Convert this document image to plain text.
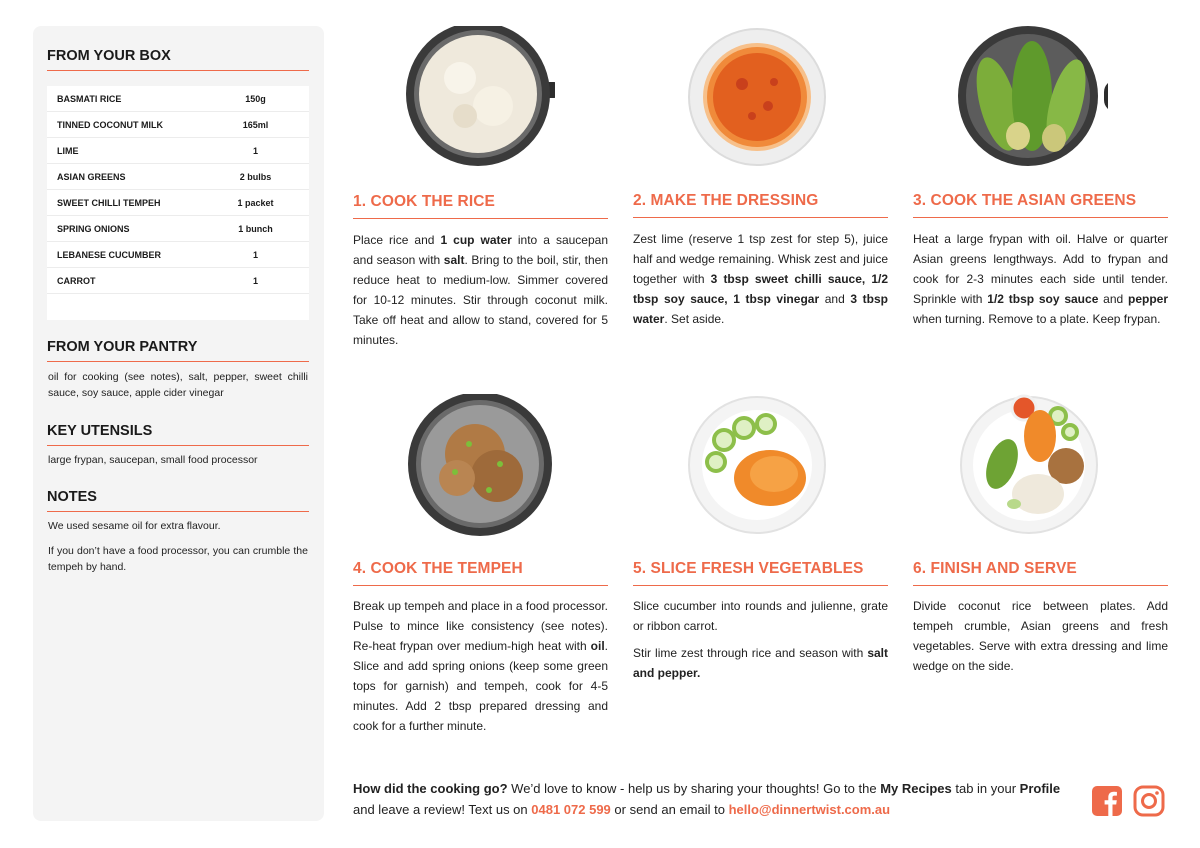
FROM YOUR BOX
BASMATI RICE	150g
TINNED COCONUT MILK	165ml
LIME	1
ASIAN GREENS	2 bulbs
SWEET CHILLI TEMPEH	1 packet
SPRING ONIONS	1 bunch
LEBANESE CUCUMBER	1
CARROT	1
FROM YOUR PANTRY
oil for cooking (see notes), salt, pepper, sweet chilli sauce, soy sauce, apple cider vinegar
KEY UTENSILS
large frypan, saucepan, small food processor
NOTES
We used sesame oil for extra flavour.
If you don’t have a food processor, you can crumble the tempeh by hand.
1. COOK THE RICE

Place rice and 1 cup water into a saucepan and season with salt. Bring to the boil, stir, then reduce heat to medium-low. Simmer covered for 10-12 minutes. Stir through coconut milk. Take off heat and allow to stand, covered for 5 minutes.

2. MAKE THE DRESSING

Zest lime (reserve 1 tsp zest for step 5), juice half and wedge remaining. Whisk zest and juice together with 3 tbsp sweet chilli sauce, 1/2 tbsp soy sauce, 1 tbsp vinegar and 3 tbsp water. Set aside.

3. COOK THE ASIAN GREENS

Heat a large frypan with oil. Halve or quarter Asian greens lengthways. Add to frypan and cook for 2-3 minutes each side until tender. Sprinkle with 1/2 tbsp soy sauce and pepper when turning. Remove to a plate. Keep frypan.

4. COOK THE TEMPEH

Break up tempeh and place in a food processor. Pulse to mince like consistency (see notes). Re-heat frypan over medium-high heat with oil. Slice and add spring onions (keep some green tops for garnish) and tempeh, cook for 4-5 minutes. Add 2 tbsp prepared dressing and cook for a further minute.

5. SLICE FRESH VEGETABLES

Slice cucumber into rounds and julienne, grate or ribbon carrot.

Stir lime zest through rice and season with salt and pepper.

6. FINISH AND SERVE

Divide coconut rice between plates. Add tempeh crumble, Asian greens and fresh vegetables. Serve with extra dressing and lime wedge on the side.

How did the cooking go? We’d love to know - help us by sharing your thoughts! Go to the My Recipes tab in your Profile and leave a review! Text us on 0481 072 599 or send an email to hello@dinnertwist.com.au
